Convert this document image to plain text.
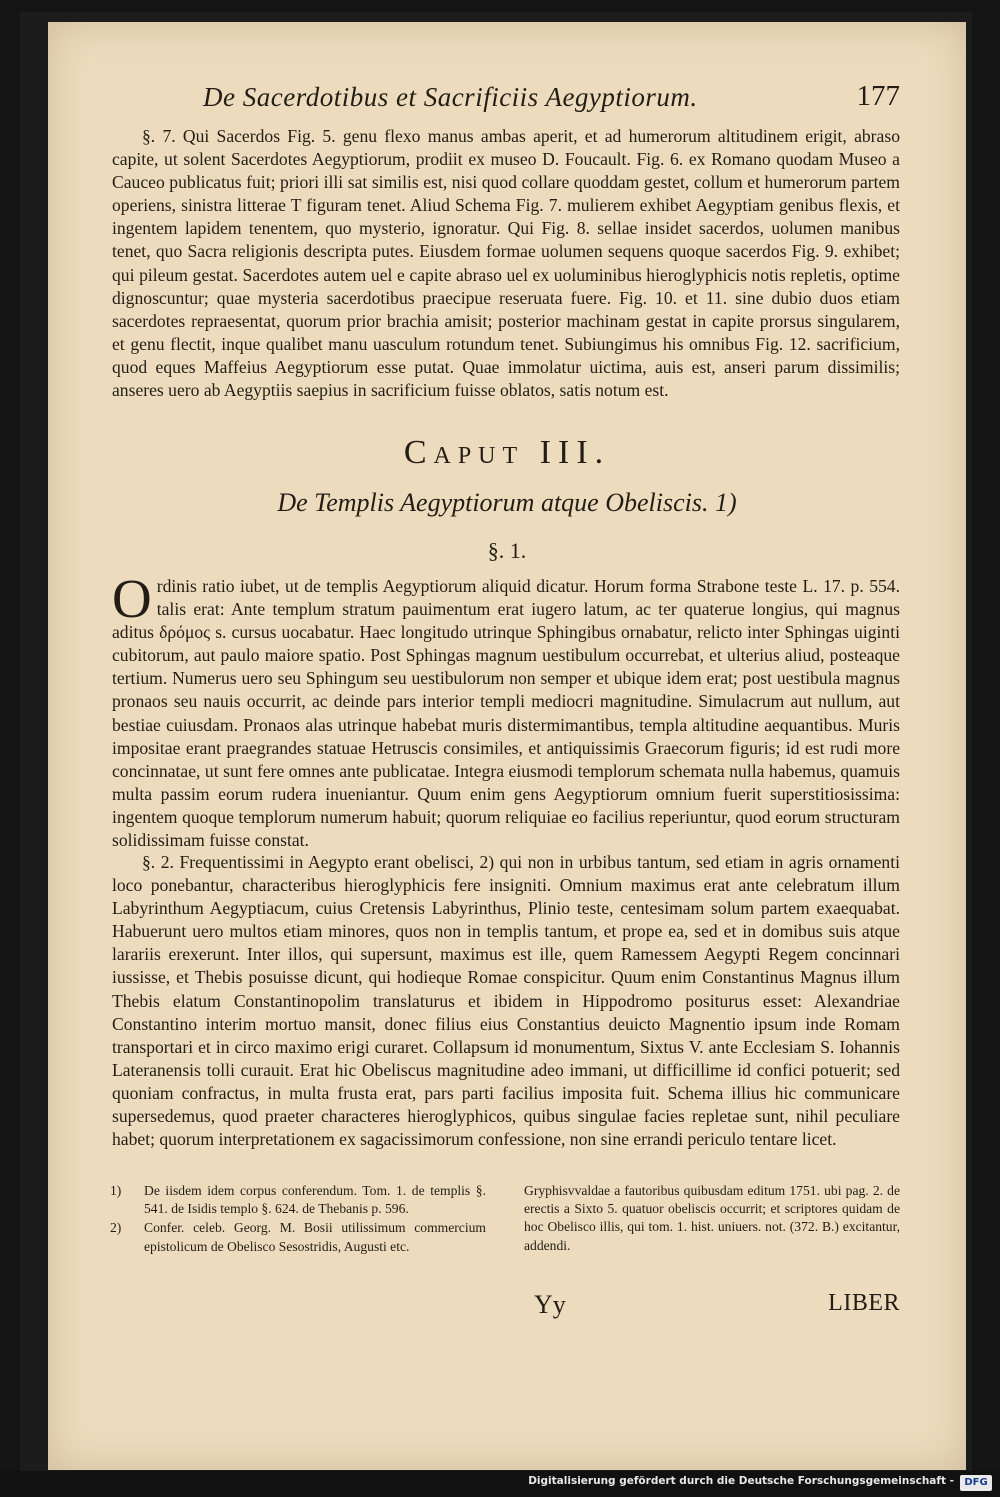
De Sacerdotibus et Sacrificiis Aegyptiorum.	177
§. 7. Qui Sacerdos Fig. 5. genu flexo manus ambas aperit, et ad humerorum altitudinem erigit, abraso capite, ut solent Sacerdotes Aegyptiorum, prodiit ex museo D. Foucault. Fig. 6. ex Romano quodam Museo a Cauceo publicatus fuit; priori illi sat similis est, nisi quod collare quoddam gestet, collum et humerorum partem operiens, sinistra litterae T figuram tenet. Aliud Schema Fig. 7. mulierem exhibet Aegyptiam genibus flexis, et ingentem lapidem tenentem, quo mysterio, ignoratur. Qui Fig. 8. sellae insidet sacerdos, uolumen manibus tenet, quo Sacra religionis descripta putes. Eiusdem formae uolumen sequens quoque sacerdos Fig. 9. exhibet; qui pileum gestat. Sacerdotes autem uel e capite abraso uel ex uoluminibus hieroglyphicis notis repletis, optime dignoscuntur; quae mysteria sacerdotibus praecipue reseruata fuere. Fig. 10. et 11. sine dubio duos etiam sacerdotes repraesentat, quorum prior brachia amisit; posterior machinam gestat in capite prorsus singularem, et genu flectit, inque qualibet manu uasculum rotundum tenet. Subiungimus his omnibus Fig. 12. sacrificium, quod eques Maffeius Aegyptiorum esse putat. Quae immolatur uictima, auis est, anseri parum dissimilis; anseres uero ab Aegyptiis saepius in sacrificium fuisse oblatos, satis notum est.
Caput III.
De Templis Aegyptiorum atque Obeliscis. 1)
§. 1.
Ordinis ratio iubet, ut de templis Aegyptiorum aliquid dicatur. Horum forma Strabone teste L. 17. p. 554. talis erat: Ante templum stratum pauimentum erat iugero latum, ac ter quaterue longius, qui magnus aditus δρόμος s. cursus uocabatur. Haec longitudo utrinque Sphingibus ornabatur, relicto inter Sphingas uiginti cubitorum, aut paulo maiore spatio. Post Sphingas magnum uestibulum occurrebat, et ulterius aliud, posteaque tertium. Numerus uero seu Sphingum seu uestibulorum non semper et ubique idem erat; post uestibula magnus pronaos seu nauis occurrit, ac deinde pars interior templi mediocri magnitudine. Simulacrum aut nullum, aut bestiae cuiusdam. Pronaos alas utrinque habebat muris distermimantibus, templa altitudine aequantibus. Muris impositae erant praegrandes statuae Hetruscis consimiles, et antiquissimis Graecorum figuris; id est rudi more concinnatae, ut sunt fere omnes ante publicatae. Integra eiusmodi templorum schemata nulla habemus, quamuis multa passim eorum rudera inueniantur. Quum enim gens Aegyptiorum omnium fuerit superstitiosissima: ingentem quoque templorum numerum habuit; quorum reliquiae eo facilius reperiuntur, quod eorum structuram solidissimam fuisse constat.
§. 2. Frequentissimi in Aegypto erant obelisci, 2) qui non in urbibus tantum, sed etiam in agris ornamenti loco ponebantur, characteribus hieroglyphicis fere insigniti. Omnium maximus erat ante celebratum illum Labyrinthum Aegyptiacum, cuius Cretensis Labyrinthus, Plinio teste, centesimam solum partem exaequabat. Habuerunt uero multos etiam minores, quos non in templis tantum, et prope ea, sed et in domibus suis atque larariis erexerunt. Inter illos, qui supersunt, maximus est ille, quem Ramessem Aegypti Regem concinnari iussisse, et Thebis posuisse dicunt, qui hodieque Romae conspicitur. Quum enim Constantinus Magnus illum Thebis elatum Constantinopolim translaturus et ibidem in Hippodromo positurus esset: Alexandriae Constantino interim mortuo mansit, donec filius eius Constantius deuicto Magnentio ipsum inde Romam transportari et in circo maximo erigi curaret. Collapsum id monumentum, Sixtus V. ante Ecclesiam S. Iohannis Lateranensis tolli curauit. Erat hic Obeliscus magnitudine adeo immani, ut difficillime id confici potuerit; sed quoniam confractus, in multa frusta erat, pars parti facilius imposita fuit. Schema illius hic communicare supersedemus, quod praeter characteres hieroglyphicos, quibus singulae facies repletae sunt, nihil peculiare habet; quorum interpretationem ex sagacissimorum confessione, non sine errandi periculo tentare licet.
1) De iisdem idem corpus conferendum. Tom. 1. de templis §. 541. de Isidis templo §. 624. de Thebanis p. 596.
2) Confer. celeb. Georg. M. Bosii utilissimum commercium epistolicum de Obelisco Sesostridis, Augusti etc.
Gryphisvvaldae a fautoribus quibusdam editum 1751. ubi pag. 2. de erectis a Sixto 5. quatuor obeliscis occurrit; et scriptores quidam de hoc Obelisco illis, qui tom. 1. hist. uniuers. not. (372. B.) excitantur, addendi.
Yy	LIBER
Digitalisierung gefördert durch die Deutsche Forschungsgemeinschaft -	DFG
